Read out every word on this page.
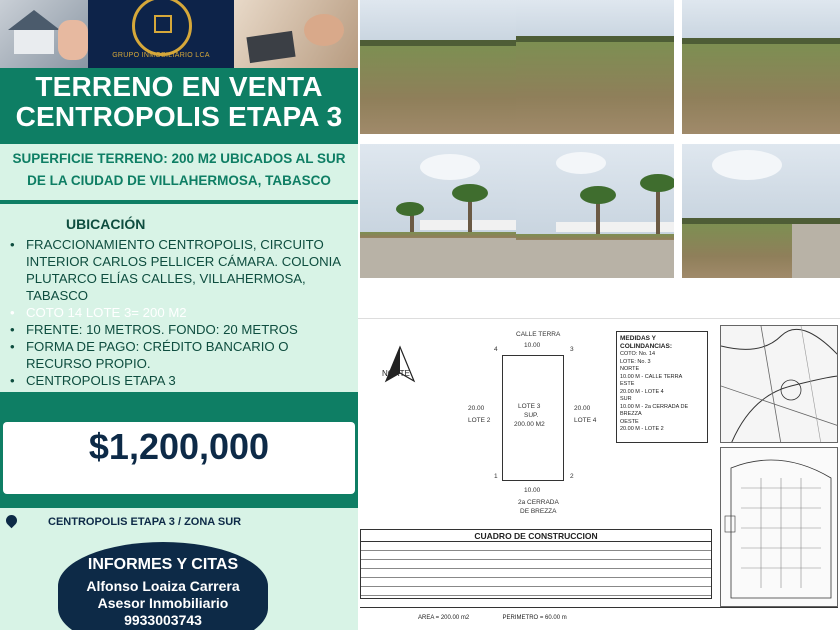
GRUPO INMOBILIARIO LCA
TERRENO EN VENTA
CENTROPOLIS ETAPA 3
SUPERFICIE TERRENO: 200 M2 UBICADOS AL SUR
DE LA CIUDAD DE VILLAHERMOSA, TABASCO
UBICACIÓN
• FRACCIONAMIENTO CENTROPOLIS, CIRCUITO INTERIOR CARLOS PELLICER CÁMARA. COLONIA PLUTARCO ELÍAS CALLES, VILLAHERMOSA, TABASCO
• COTO 14 LOTE 3= 200 M2
• FRENTE: 10 METROS. FONDO: 20 METROS
• FORMA DE PAGO: CRÉDITO BANCARIO O RECURSO PROPIO.
• CENTROPOLIS ETAPA 3
$1,200,000
CENTROPOLIS ETAPA 3 / ZONA SUR
INFORMES Y CITAS
Alfonso Loaiza Carrera
Asesor Inmobiliario
9933003743
NORTE
CALLE TERRA
10.00
4	3
LOTE 3
SUP.
200.00 M2
20.00
LOTE 2
20.00
LOTE 4
1	2
10.00
2a CERRADA
DE BREZZA
MEDIDAS Y
COLINDANCIAS:
COTO: No. 14
LOTE: No. 3
NORTE
10.00 M - CALLE TERRA
ESTE
20.00 M - LOTE 4
SUR
10.00 M - 2a CERRADA DE BREZZA
OESTE
20.00 M - LOTE 2
CUADRO DE CONSTRUCCION
AREA = 200.00 m2	PERIMETRO = 60.00 m
